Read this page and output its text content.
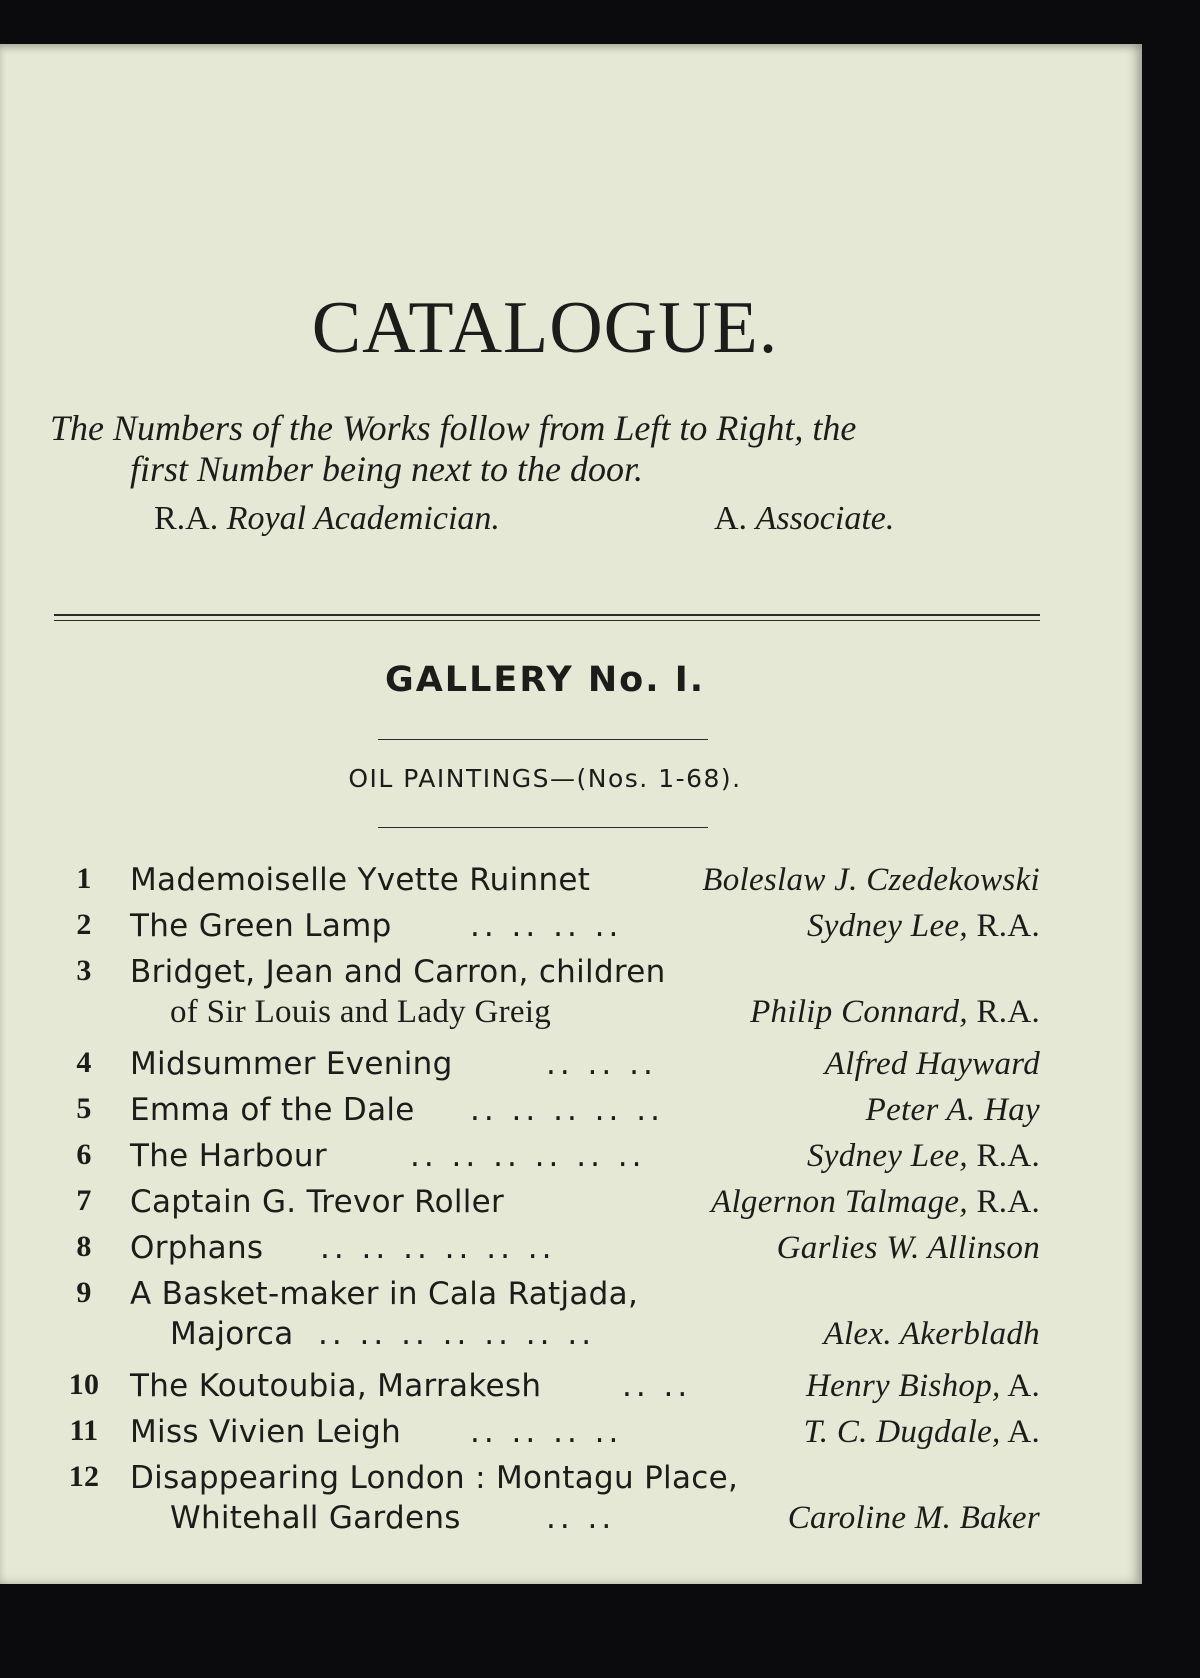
CATALOGUE.
The Numbers of the Works follow from Left to Right, the
first Number being next to the door.
R.A. Royal Academician.	A. Associate.
GALLERY No. I.
OIL PAINTINGS—(Nos. 1-68).
1	Mademoiselle Yvette Ruinnet	Boleslaw J. Czedekowski
2	The Green Lamp	.. .. .. ..	Sydney Lee, R.A.
3	Bridget, Jean and Carron, children
of Sir Louis and Lady Greig	Philip Connard, R.A.
4	Midsummer Evening	.. .. ..	Alfred Hayward
5	Emma of the Dale .. .. .. .. ..	Peter A. Hay
6	The Harbour	.. .. .. .. .. ..	Sydney Lee, R.A.
7	Captain G. Trevor Roller	Algernon Talmage, R.A.
8	Orphans .. .. .. .. .. ..	Garlies W. Allinson
9	A Basket-maker in Cala Ratjada,
Majorca .. .. .. .. .. .. ..	Alex. Akerbladh
10 The Koutoubia, Marrakesh	.. ..	Henry Bishop, A.
11 Miss Vivien Leigh .. .. .. ..	T. C. Dugdale, A.
12 Disappearing London : Montagu Place,
Whitehall Gardens	.. ..	Caroline M. Baker
